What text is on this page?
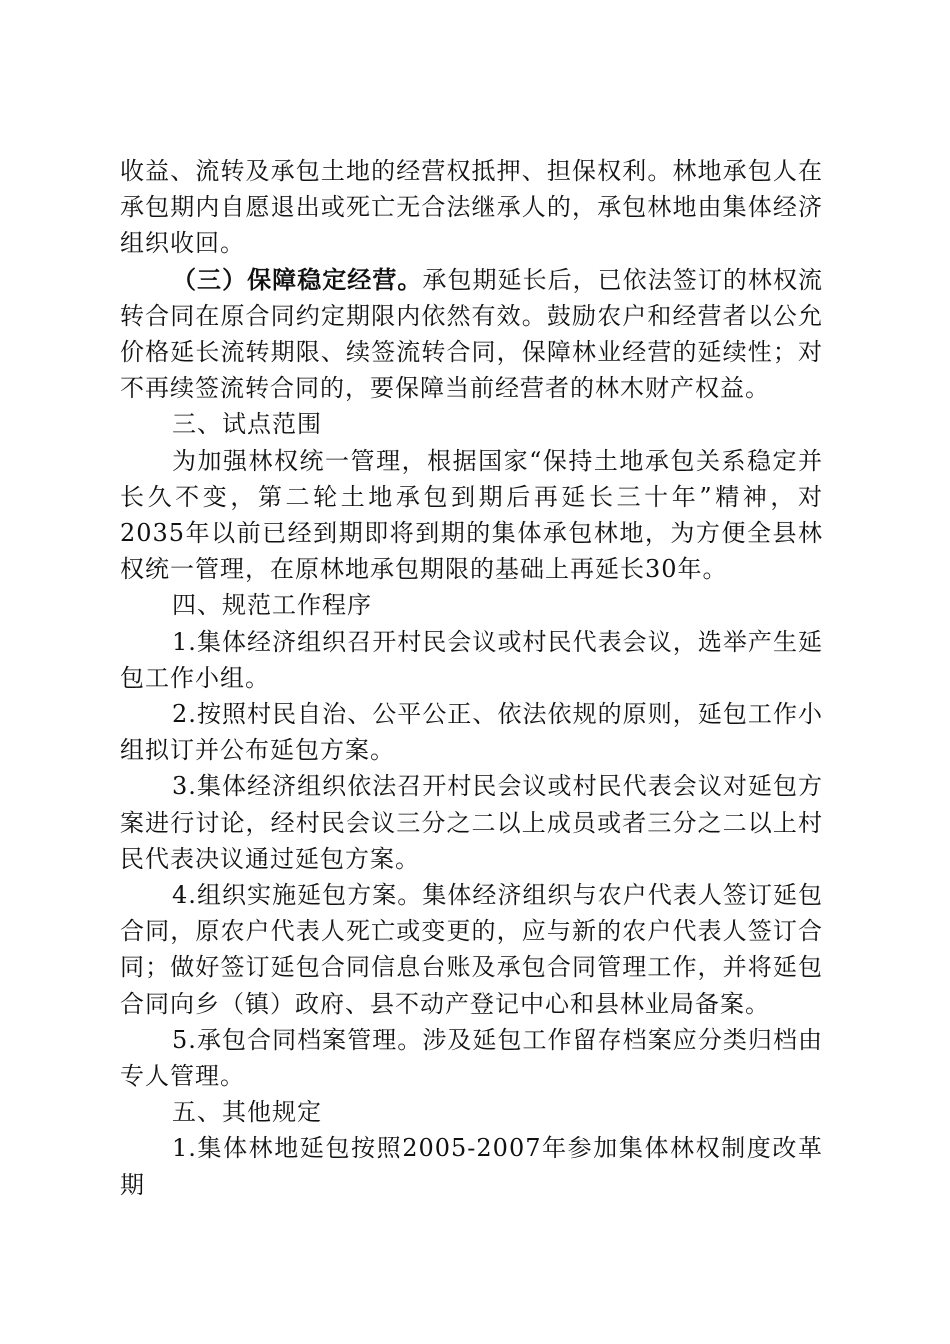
收益、流转及承包土地的经营权抵押、担保权利。林地承包人在承包期内自愿退出或死亡无合法继承人的，承包林地由集体经济组织收回。

（三）保障稳定经营。承包期延长后，已依法签订的林权流转合同在原合同约定期限内依然有效。鼓励农户和经营者以公允价格延长流转期限、续签流转合同，保障林业经营的延续性；对不再续签流转合同的，要保障当前经营者的林木财产权益。

三、试点范围

为加强林权统一管理，根据国家“保持土地承包关系稳定并长久不变，第二轮土地承包到期后再延长三十年”精神，对2035年以前已经到期即将到期的集体承包林地，为方便全县林权统一管理，在原林地承包期限的基础上再延长30年。

四、规范工作程序

1.集体经济组织召开村民会议或村民代表会议，选举产生延包工作小组。

2.按照村民自治、公平公正、依法依规的原则，延包工作小组拟订并公布延包方案。

3.集体经济组织依法召开村民会议或村民代表会议对延包方案进行讨论，经村民会议三分之二以上成员或者三分之二以上村民代表决议通过延包方案。

4.组织实施延包方案。集体经济组织与农户代表人签订延包合同，原农户代表人死亡或变更的，应与新的农户代表人签订合同；做好签订延包合同信息台账及承包合同管理工作，并将延包合同向乡（镇）政府、县不动产登记中心和县林业局备案。

5.承包合同档案管理。涉及延包工作留存档案应分类归档由专人管理。

五、其他规定

1.集体林地延包按照2005-2007年参加集体林权制度改革期
